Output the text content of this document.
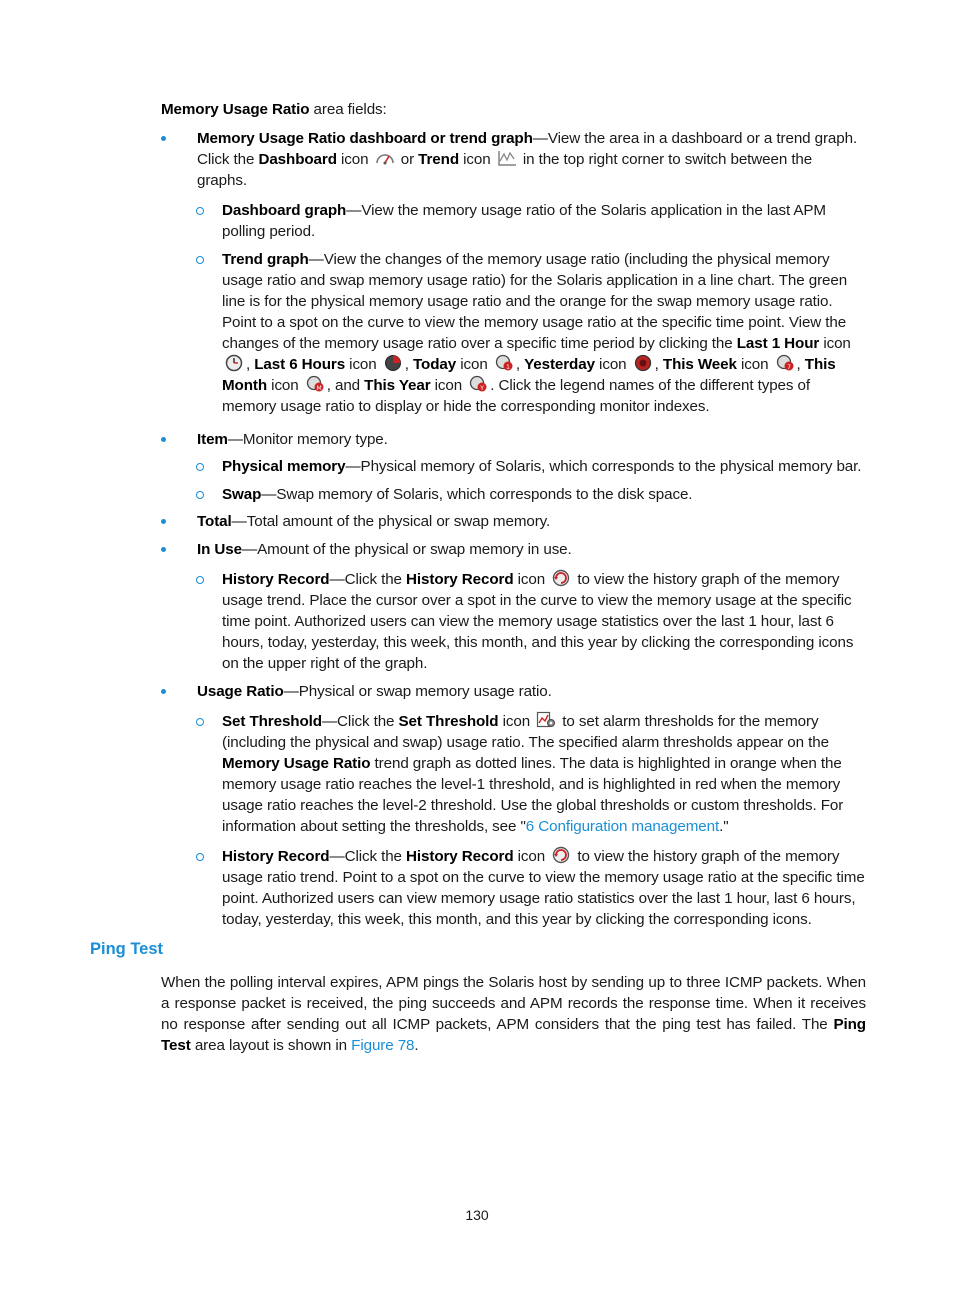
Memory Usage Ratio area fields:
Memory Usage Ratio dashboard or trend graph—View the area in a dashboard or a trend graph. Click the Dashboard icon
or Trend icon
in the top right corner to switch between the graphs.
Dashboard graph—View the memory usage ratio of the Solaris application in the last APM polling period.
Trend graph—View the changes of the memory usage ratio (including the physical memory usage ratio and swap memory usage ratio) for the Solaris application in a line chart. The green line is for the physical memory usage ratio and the orange for the swap memory usage ratio. Point to a spot on the curve to view the memory usage ratio at the specific time point. View the changes of the memory usage ratio over a specific time period by clicking the Last 1 Hour icon
, Last 6 Hours icon
, Today icon 1 , Yesterday icon
, This Week icon 7 , This Month icon M , and This Year icon Y . Click the legend names of the different types of memory usage ratio to display or hide the corresponding monitor indexes.
Item—Monitor memory type.
Physical memory—Physical memory of Solaris, which corresponds to the physical memory bar.
Swap—Swap memory of Solaris, which corresponds to the disk space.
Total—Total amount of the physical or swap memory.
In Use—Amount of the physical or swap memory in use.
History Record—Click the History Record icon
to view the history graph of the memory usage trend. Place the cursor over a spot in the curve to view the memory usage at the specific time point. Authorized users can view the memory usage statistics over the last 1 hour, last 6 hours, today, yesterday, this week, this month, and this year by clicking the corresponding icons on the upper right of the graph.
Usage Ratio—Physical or swap memory usage ratio.
Set Threshold—Click the Set Threshold icon
to set alarm thresholds for the memory (including the physical and swap) usage ratio. The specified alarm thresholds appear on the Memory Usage Ratio trend graph as dotted lines. The data is highlighted in orange when the memory usage ratio reaches the level-1 threshold, and is highlighted in red when the memory usage ratio reaches the level-2 threshold. Use the global thresholds or custom thresholds. For information about setting the thresholds, see "6 Configuration management."
History Record—Click the History Record icon
to view the history graph of the memory usage ratio trend. Point to a spot on the curve to view the memory usage ratio at the specific time point. Authorized users can view memory usage ratio statistics over the last 1 hour, last 6 hours, today, yesterday, this week, this month, and this year by clicking the corresponding icons.
Ping Test
When the polling interval expires, APM pings the Solaris host by sending up to three ICMP packets. When a response packet is received, the ping succeeds and APM records the response time. When it receives no response after sending out all ICMP packets, APM considers that the ping test has failed. The Ping Test area layout is shown in Figure 78.
130
